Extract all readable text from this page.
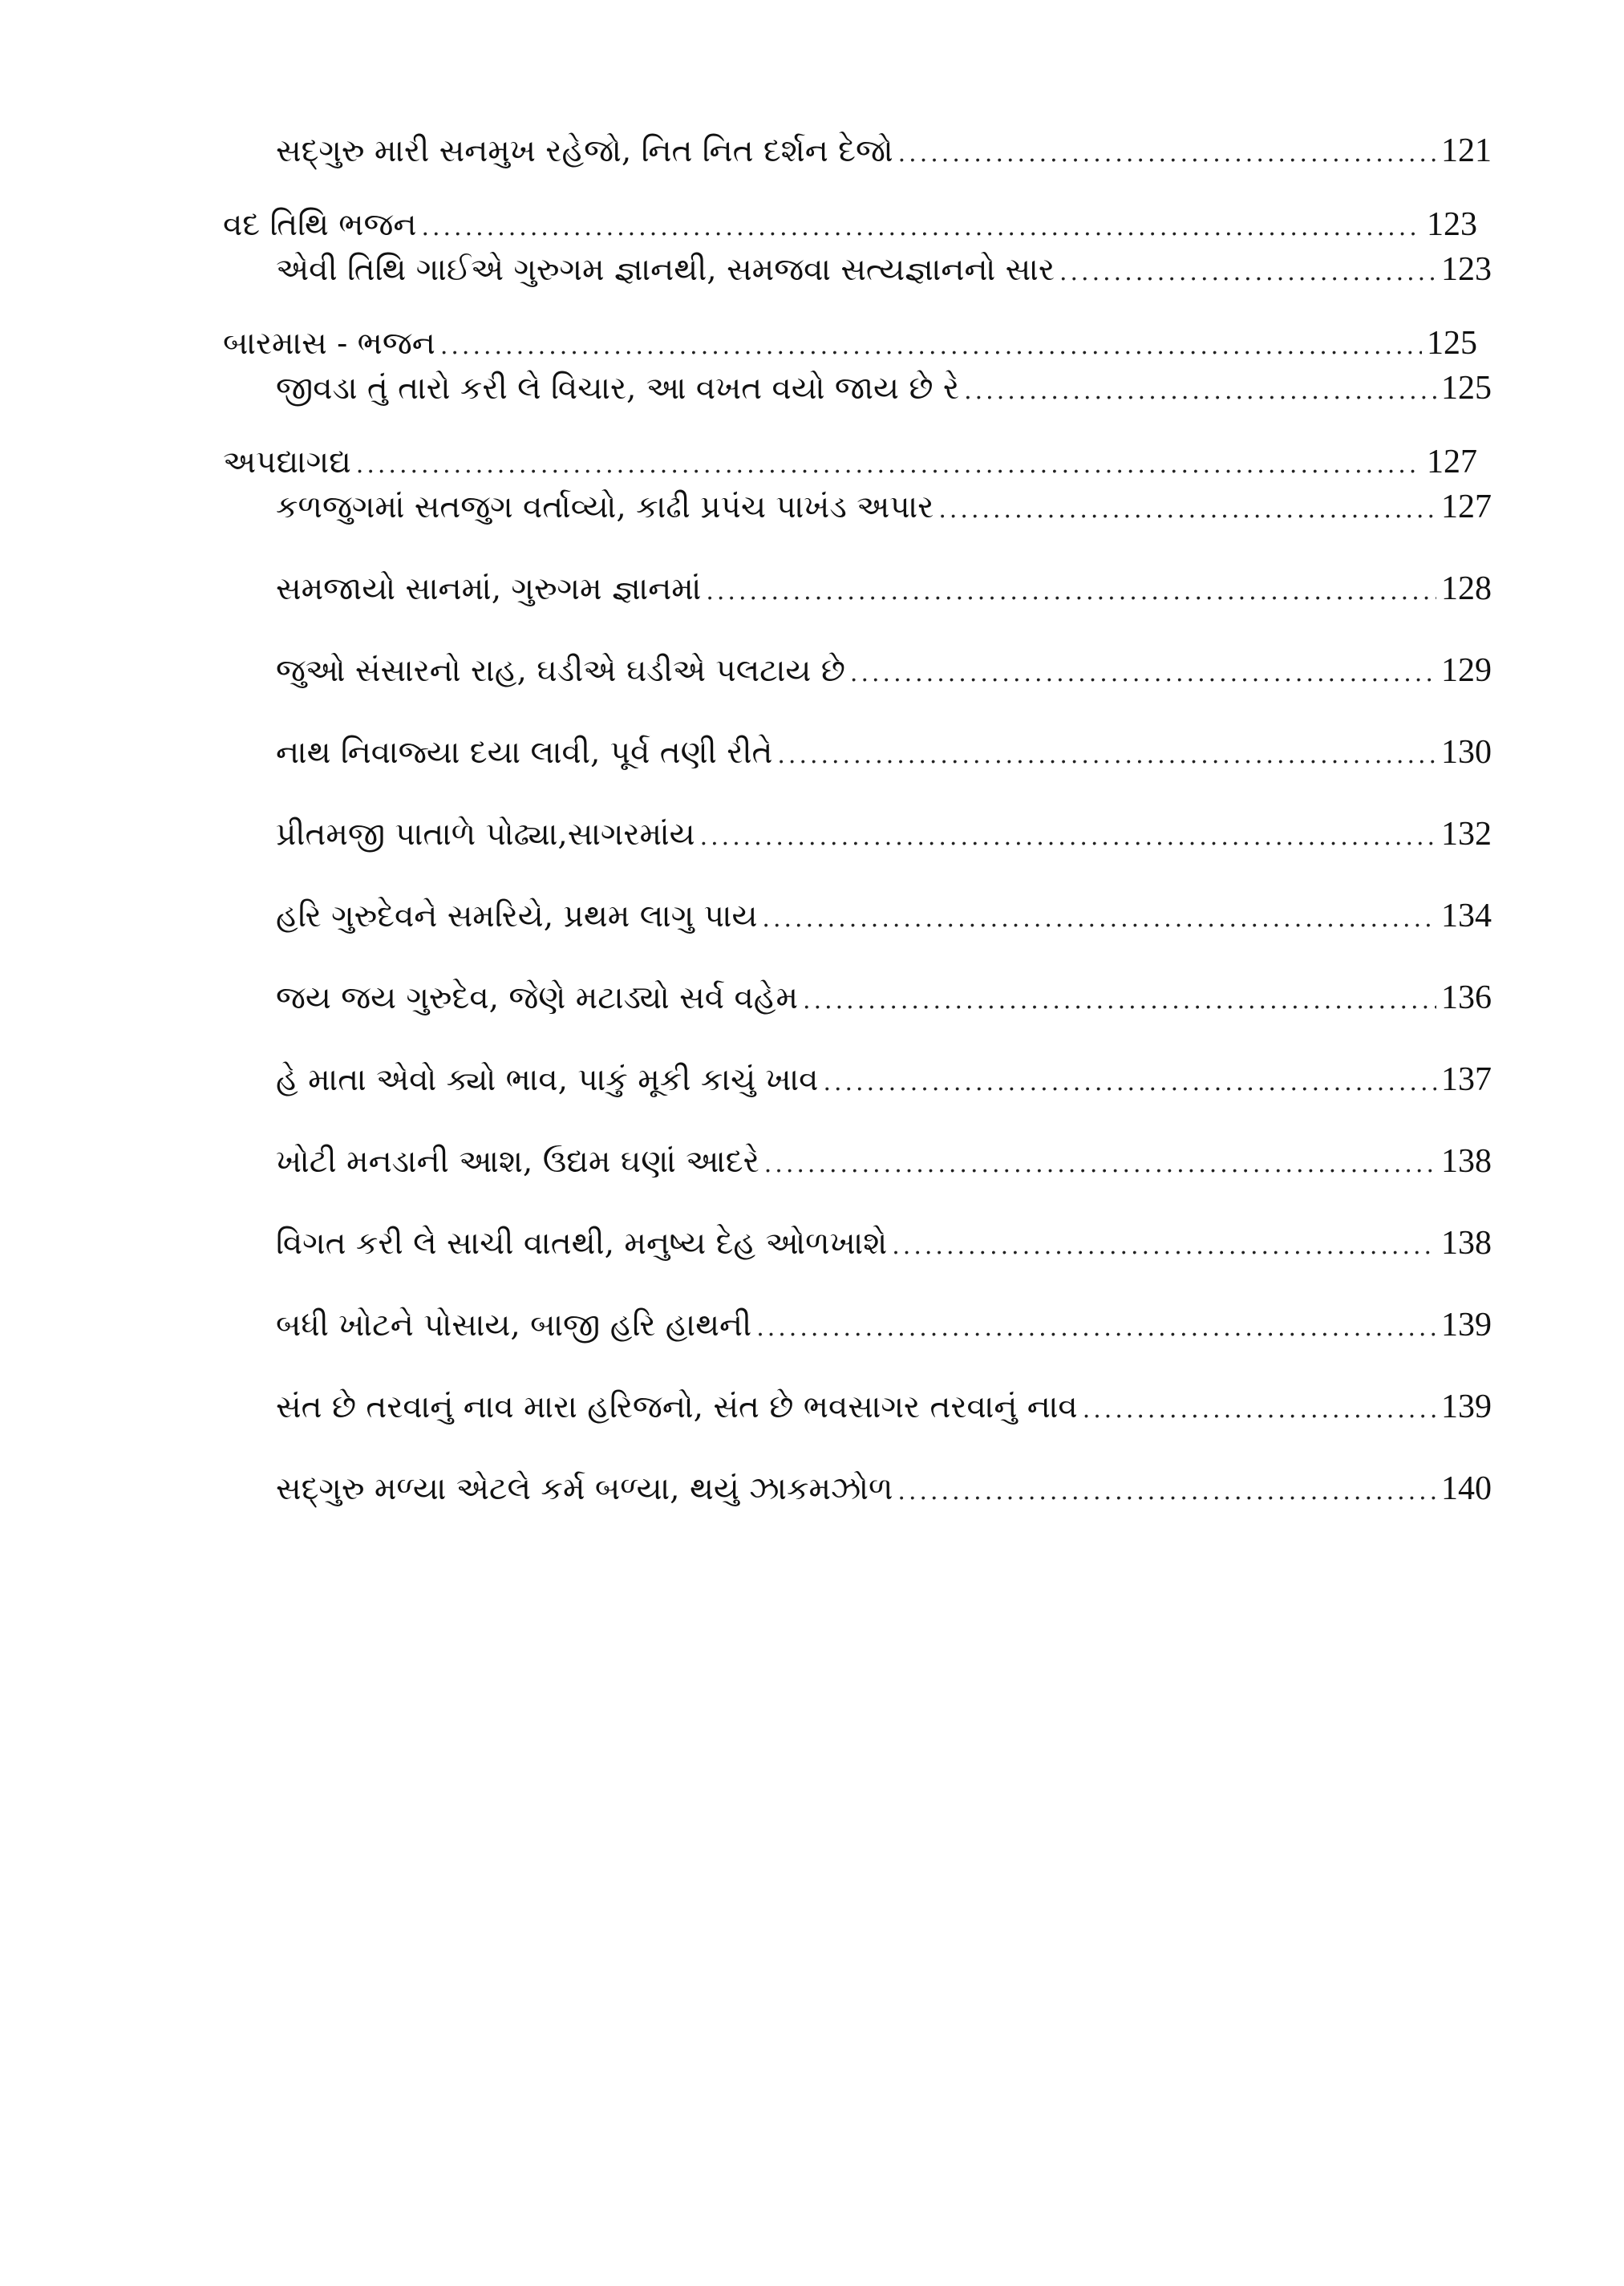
સદ્‌ગુરુ મારી સનમુખ રહેજો, નિત નિત દર્શન દેજો .....	121
વદ તિથિ ભજન .....	123
એવી તિથિ ગાઈએ ગુરુગમ જ્ઞાનથી, સમજવા સત્યજ્ઞાનનો સાર .....	123
બારમાસ - ભજન .....	125
જીવડા તું તારો કરી લે વિચાર, આ વખત વયો જાય છે રે .....	125
અપદ્યાગદ્ય .....	127
કળજુગમાં સતજુગ વર્તાવ્યો, કાઢી પ્રપંચ પાખંડ અપાર .....	127
સમજાયો સાનમાં, ગુરુગમ જ્ઞાનમાં .....	128
જુઓ સંસારનો રાહ, ઘડીએ ઘડીએ પલટાય છે .....	129
નાથ નિવાજ્યા દયા લાવી, પૂર્વ તણી રીતે .....	130
પ્રીતમજી પાતાળે પોઢ્યા,સાગરમાંય .....	132
હરિ ગુરુદેવને સમરિયે, પ્રથમ લાગુ પાય .....	134
જય જય ગુરુદેવ, જેણે મટાડ્યો સર્વ વહેમ .....	136
હે માતા એવો ક્યો ભાવ, પાકું મૂકી કાચું ખાવ .....	137
ખોટી મનડાની આશ, ઉદ્યમ ઘણાં આદરે .....	138
વિગત કરી લે સાચી વાતથી, મનુષ્ય દેહ ઓળખાશે .....	138
બધી ખોટને પોસાય, બાજી હરિ હાથની .....	139
સંત છે તરવાનું નાવ મારા હરિજનો, સંત છે ભવસાગર તરવાનું નાવ .....	139
સદ્‌ગુરુ મળ્યા એટલે કર્મ બળ્યા, થયું ઝાકમઝોળ .....	140
